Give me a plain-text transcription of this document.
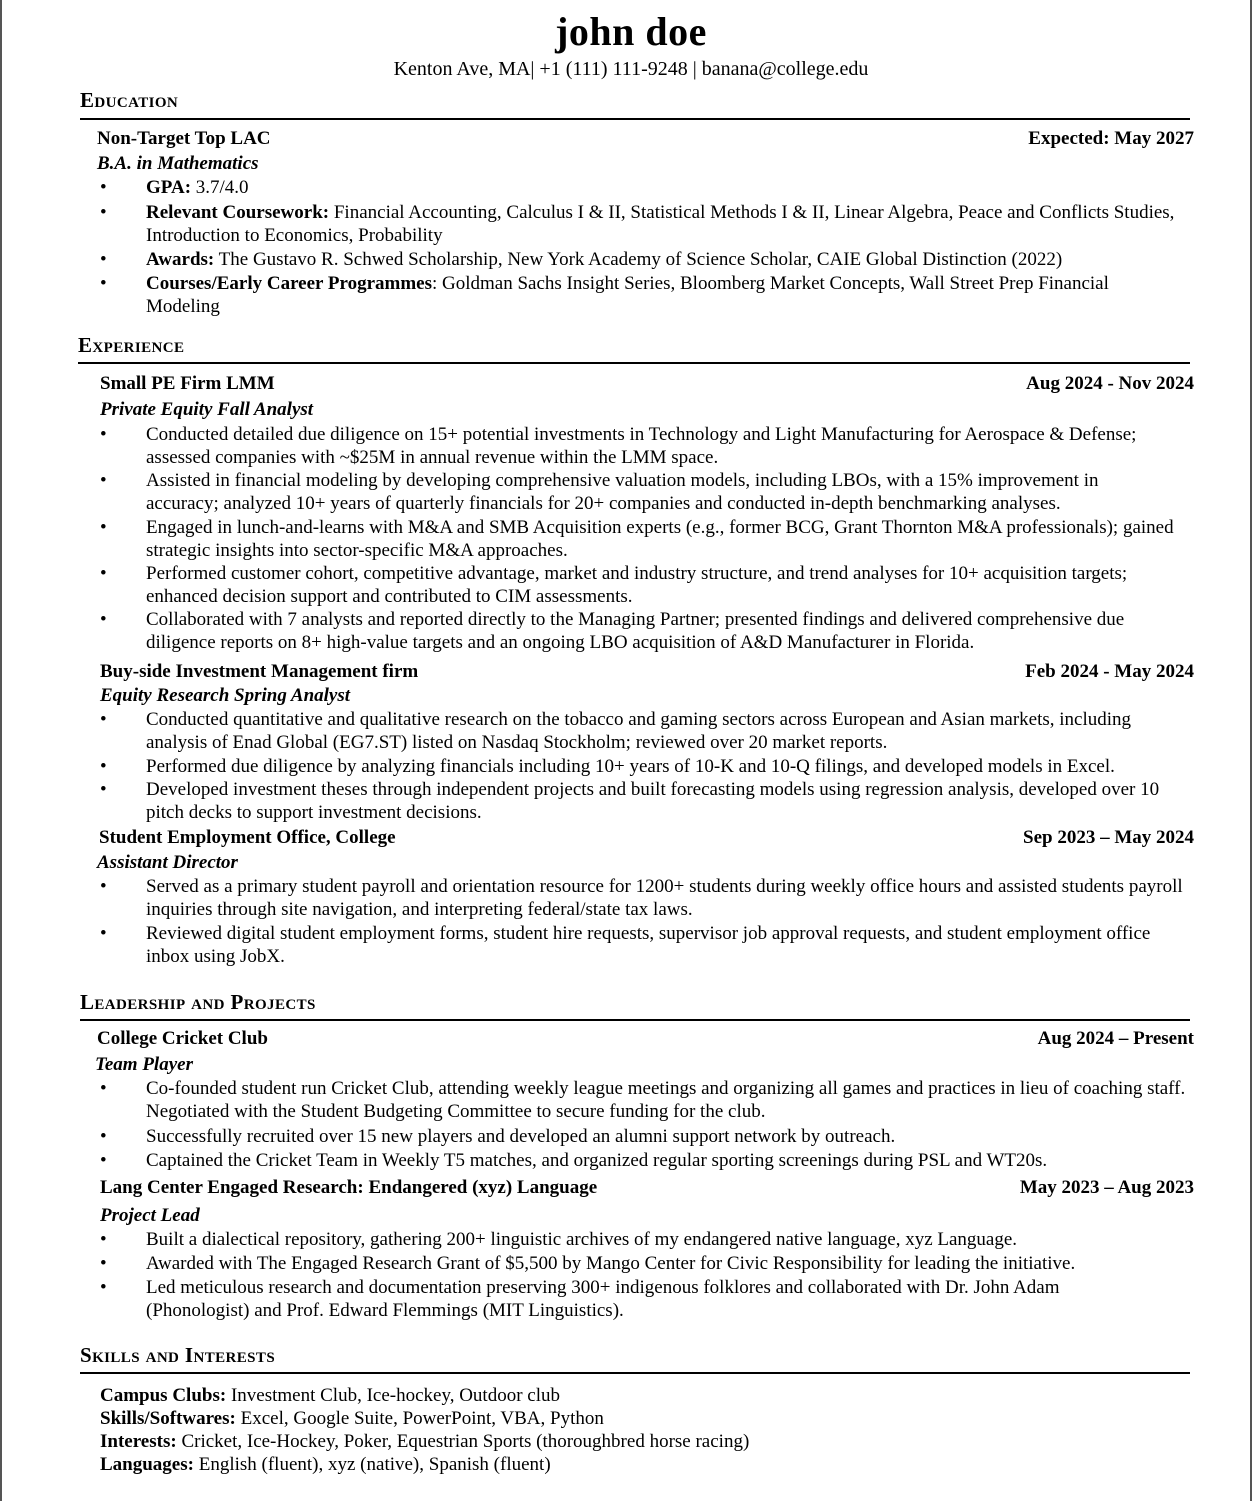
john doe
Kenton Ave, MA| +1 (111) 111-9248 | banana@college.edu
Education
Non-Target Top LAC	Expected: May 2027
B.A. in Mathematics
• GPA: 3.7/4.0
• Relevant Coursework: Financial Accounting, Calculus I & II, Statistical Methods I & II, Linear Algebra, Peace and Conflicts Studies, Introduction to Economics, Probability
• Awards: The Gustavo R. Schwed Scholarship, New York Academy of Science Scholar, CAIE Global Distinction (2022)
• Courses/Early Career Programmes: Goldman Sachs Insight Series, Bloomberg Market Concepts, Wall Street Prep Financial Modeling
Experience
Small PE Firm LMM	Aug 2024 - Nov 2024
Private Equity Fall Analyst
• Conducted detailed due diligence on 15+ potential investments in Technology and Light Manufacturing for Aerospace & Defense; assessed companies with ~$25M in annual revenue within the LMM space.
• Assisted in financial modeling by developing comprehensive valuation models, including LBOs, with a 15% improvement in accuracy; analyzed 10+ years of quarterly financials for 20+ companies and conducted in-depth benchmarking analyses.
• Engaged in lunch-and-learns with M&A and SMB Acquisition experts (e.g., former BCG, Grant Thornton M&A professionals); gained strategic insights into sector-specific M&A approaches.
• Performed customer cohort, competitive advantage, market and industry structure, and trend analyses for 10+ acquisition targets; enhanced decision support and contributed to CIM assessments.
• Collaborated with 7 analysts and reported directly to the Managing Partner; presented findings and delivered comprehensive due diligence reports on 8+ high-value targets and an ongoing LBO acquisition of A&D Manufacturer in Florida.
Buy-side Investment Management firm	Feb 2024 - May 2024
Equity Research Spring Analyst
• Conducted quantitative and qualitative research on the tobacco and gaming sectors across European and Asian markets, including analysis of Enad Global (EG7.ST) listed on Nasdaq Stockholm; reviewed over 20 market reports.
• Performed due diligence by analyzing financials including 10+ years of 10-K and 10-Q filings, and developed models in Excel.
• Developed investment theses through independent projects and built forecasting models using regression analysis, developed over 10 pitch decks to support investment decisions.
Student Employment Office, College	Sep 2023 – May 2024
Assistant Director
• Served as a primary student payroll and orientation resource for 1200+ students during weekly office hours and assisted students payroll inquiries through site navigation, and interpreting federal/state tax laws.
• Reviewed digital student employment forms, student hire requests, supervisor job approval requests, and student employment office inbox using JobX.
Leadership and Projects
College Cricket Club	Aug 2024 – Present
Team Player
• Co-founded student run Cricket Club, attending weekly league meetings and organizing all games and practices in lieu of coaching staff. Negotiated with the Student Budgeting Committee to secure funding for the club.
• Successfully recruited over 15 new players and developed an alumni support network by outreach.
• Captained the Cricket Team in Weekly T5 matches, and organized regular sporting screenings during PSL and WT20s.
Lang Center Engaged Research: Endangered (xyz) Language	May 2023 – Aug 2023
Project Lead
• Built a dialectical repository, gathering 200+ linguistic archives of my endangered native language, xyz Language.
• Awarded with The Engaged Research Grant of $5,500 by Mango Center for Civic Responsibility for leading the initiative.
• Led meticulous research and documentation preserving 300+ indigenous folklores and collaborated with Dr. John Adam (Phonologist) and Prof. Edward Flemmings (MIT Linguistics).
Skills and Interests
Campus Clubs: Investment Club, Ice-hockey, Outdoor club
Skills/Softwares: Excel, Google Suite, PowerPoint, VBA, Python
Interests: Cricket, Ice-Hockey, Poker, Equestrian Sports (thoroughbred horse racing)
Languages: English (fluent), xyz (native), Spanish (fluent)
